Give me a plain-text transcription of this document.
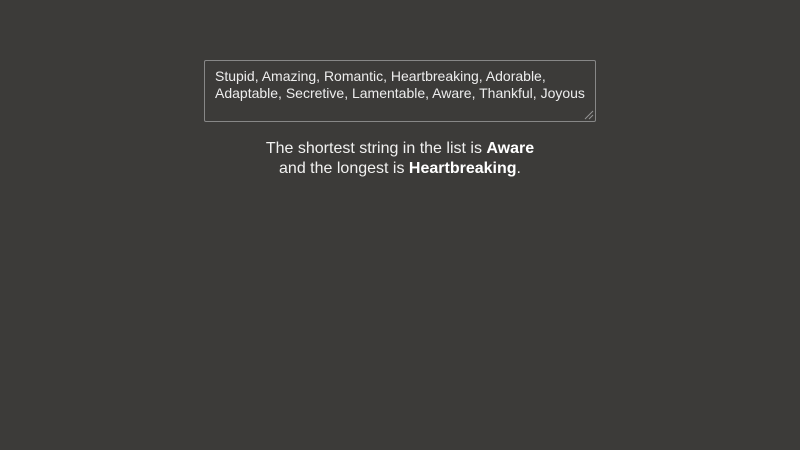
Stupid, Amazing, Romantic, Heartbreaking, Adorable, Adaptable, Secretive, Lamentable, Aware, Thankful, Joyous

The shortest string in the list is Aware
and the longest is Heartbreaking.
